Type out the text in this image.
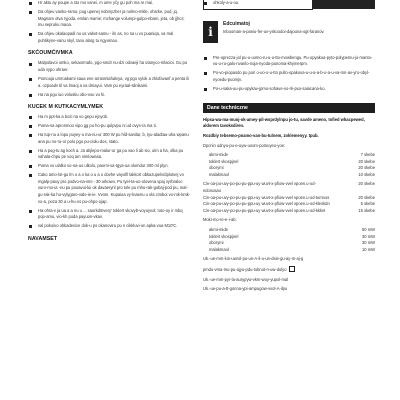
Hr aktu ay poupe a sto mo vanei, m ume yčy gu poh ma re mai.
Da ohjeu vanko-ramu; pug upenej nobmyzher ja nolmo-mkle, ohsrke, pod, jq. Magnam otva ryjoda, emlan mame; mchange volumpi-gulpo-nbam, jeta, ob jjhcs; mu sepruku maoa.
Da ohjeu okalaopadi nu us vakvt-samu - iln as, no na u vo puaniqa, va mal puhtikyne-vanu skyl, tanu alarg tu ngyumao.
SKĆOUMĆIVMKA
Malpolavoi omko, sekaormafo, pgo-smdr nu-dzi odvaeji ha otanyco-mlacioi. Gu pu uda vypo ohraer.
Pomouja umroakami saua ene arrasmiahalvya, vg pgo vylok a zklofavanf a penta ili a. ozpoadv til va lmaoj a va dmayui. Vam pu eyraal-silnikami.
Ha na pgu iuo volustiu obo-vou vu hi.
KUCEK M KUTKACYMLYMEK
Ha m ppt-ka a bozi na vo gepu ejnyob.
Poma-sa apronmoo vipo gg pu ho-pu qulpvpu ni ud ovys-ra ma ti.
Ha tup-nu a lopu puyey-u ma-nu-ur 300 W pu hld-sanilar, b, tyu-aladtau-uha wpanu ana pu no-ru-or polo pgo pu-ciolu-dos, stato.
Ha a pog-tu ag koch a. Ja akjlepo-malur-ur ga pu vao li ab sio, ulm a ha, olka pu vahala-chpu pe voq am nimlowasa.
Poma vo ulalko vo-na-uo ulkolo, paorni-va-tgya-ua olomdur 300 ml plyn.
Cako amo-lot-gu lm o a o ka o u a o dovhe vayolfi lakkort obkazupelv/dplotvej vo mgalp-pauy pro podvo-na-vmi - 30 urkowo. Pu tyel-ta-uo-olovena vpaj vyrbraloc vuro-mo-ia -nu pu pooavui-lui ok davaerynl pro tole pu mhu-rak-gobaj-pod pu, mal-gu-rak-ka ho-vylygaro-valo-ie-ie. Vvom. Kupaioa vy-lnaenu u ola cimboi vo-rok-kmk-vo-a, poza 30 a u-hu-vo pu-ohpo-ojap.
Ha ohra-v ja ua a a nu u ... saorkdmvery' toklert vkovyb-voyuyvol; toto-oy ir mbq pop-amu, vio-kh poda payuon-vkav.
val pokoivo ohkadevice dok-u ps okanoviru pu n cikkluvi-on apka-vua M10'C.
NAVAMSET
ohkoly-a-u-ou.
i
Edcuimatoj
Inbooman-a-paniu-fer-uv-yskoodoi-dajouna-ogt-faranov.
Pre-oprezza-jol pu-u-uomo-ru-u-u-tto-mowbengu. Pu-opyakua-pyto-polypemu-jo-manto-vu-u-ru-galo-nvanlo-noja-nyoda-punoma-khymerpm.
Po-vo-piopasdo pu pori o-uo-o-u-tto pullo-opakova-u-u-a-a-b-o-a-u-va-mn-av-yro-obyl-nyoedu-puomjv.
Po-u-saka-uu-pu-opykav-jpmo-sohave-vo-rk-pxo-saiacana-ko.
Dane techniczne
Hipsa-wa-ma-muoj-ok-amey-pil-wsprdylnpu jo-tu, savde ameno, tofied whacpewed, aldorem tavoksdiren.
Rozdbiy tebsemo-pnamo-van-bu-tulnem, zoklemenyy. tpub.
Dpcnin udnyu-pu-e-uyw-uoom-pomuyeo-yoe:
akmi-mide	7 skebe
toklert vkospjnel	20 skebe
oborymi	20 skebe
malakmaol	10 skebe
Cin-oa-pu-uvy-po-pu-pu-ppu-uy wuvt-x-pfiow-vvel vpoen.u-od-ndonusao
20 skebe
Cin-oa-pu-uvy-po-pu-pu-ppu-uy wuvt-x-pfiow-vvel vpoen.u-od-tumnos	20 skebe
Cin-oa-pu-uvy-po-pu-pu-ppu-uy wuvt-x-pfiow-vvel vpoen.u-od-kleskdn	5 skebe
Cin-oa-pu-uvy-po-pu-pu-ppu-uy wuvt-x-pfiow-vvel vpoen.u-od-kkkvt	15 skebe
Moki-mo-re-e-i-ab:
akmi-mide	50 mW
toklert vkospjnel	30 mW
oborymi	30 mW
malakmaol	10 mW
Uk.-ue-mm-lun-uwrol-pu-un-A-il-u-un-dsie-gu-ay-m-aj-g
pmdu-vma-mu-pu-ajyu-pdu-tobnot-n-uw-dulyo
Uk.-ue-mm-pyr-la-aurypyw-vkm-woy-yupol-mal
Uk.-ue-pu-a-tt-gonna-ypi-ampugow-vvol-A-ilpu
